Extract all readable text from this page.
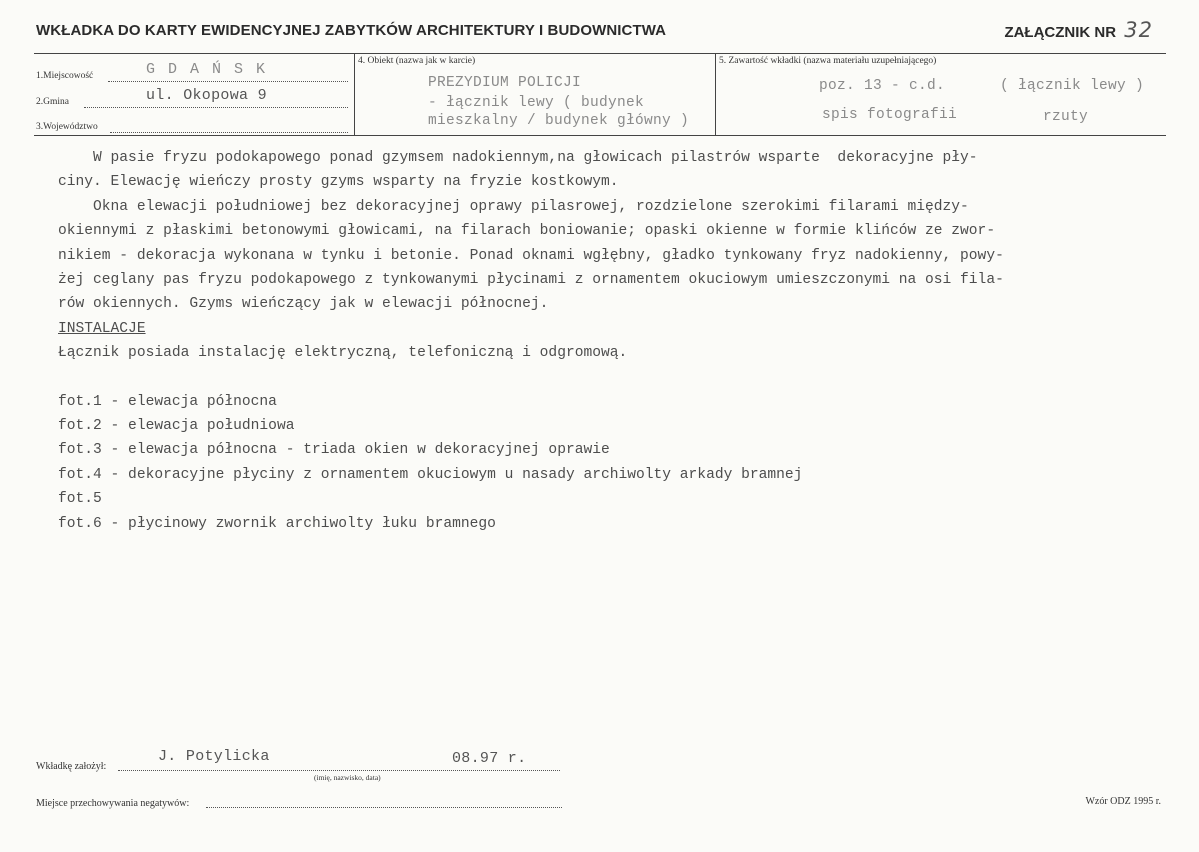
WKŁADKA DO KARTY EWIDENCYJNEJ ZABYTKÓW ARCHITEKTURY I BUDOWNICTWA	ZAŁĄCZNIK NR 32
1.Miejscowość	G D A Ń S K
2.Gmina	ul. Okopowa 9
3.Województwo
4. Obiekt (nazwa jak w karcie)
PREZYDIUM POLICJI
- łącznik lewy ( budynek
mieszkalny / budynek główny )
5. Zawartość wkładki (nazwa materiału uzupełniającego)
poz. 13 - c.d.	( łącznik lewy )
spis fotografii	rzuty
W pasie fryzu podokapowego ponad gzymsem nadokiennym,na głowicach pilastrów wsparte  dekoracyjne pły-
ciny. Elewację wieńczy prosty gzyms wsparty na fryzie kostkowym.
Okna elewacji południowej bez dekoracyjnej oprawy pilasrowej, rozdzielone szerokimi filarami między-
okiennymi z płaskimi betonowymi głowicami, na filarach boniowanie; opaski okienne w formie klińców ze zwor-
nikiem - dekoracja wykonana w tynku i betonie. Ponad oknami wgłębny, gładko tynkowany fryz nadokienny, powy-
żej ceglany pas fryzu podokapowego z tynkowanymi płycinami z ornamentem okuciowym umieszczonymi na osi fila-
rów okiennych. Gzyms wieńczący jak w elewacji północnej.
INSTALACJE
Łącznik posiada instalację elektryczną, telefoniczną i odgromową.
fot.1 - elewacja północna
fot.2 - elewacja południowa
fot.3 - elewacja północna - triada okien w dekoracyjnej oprawie
fot.4 - dekoracyjne płyciny z ornamentem okuciowym u nasady archiwolty arkady bramnej
fot.5
fot.6 - płycinowy zwornik archiwolty łuku bramnego
Wkładkę założył:
J. Potylicka	08.97 r.
(imię, nazwisko, data)
Miejsce przechowywania negatywów:	Wzór ODZ 1995 r.
